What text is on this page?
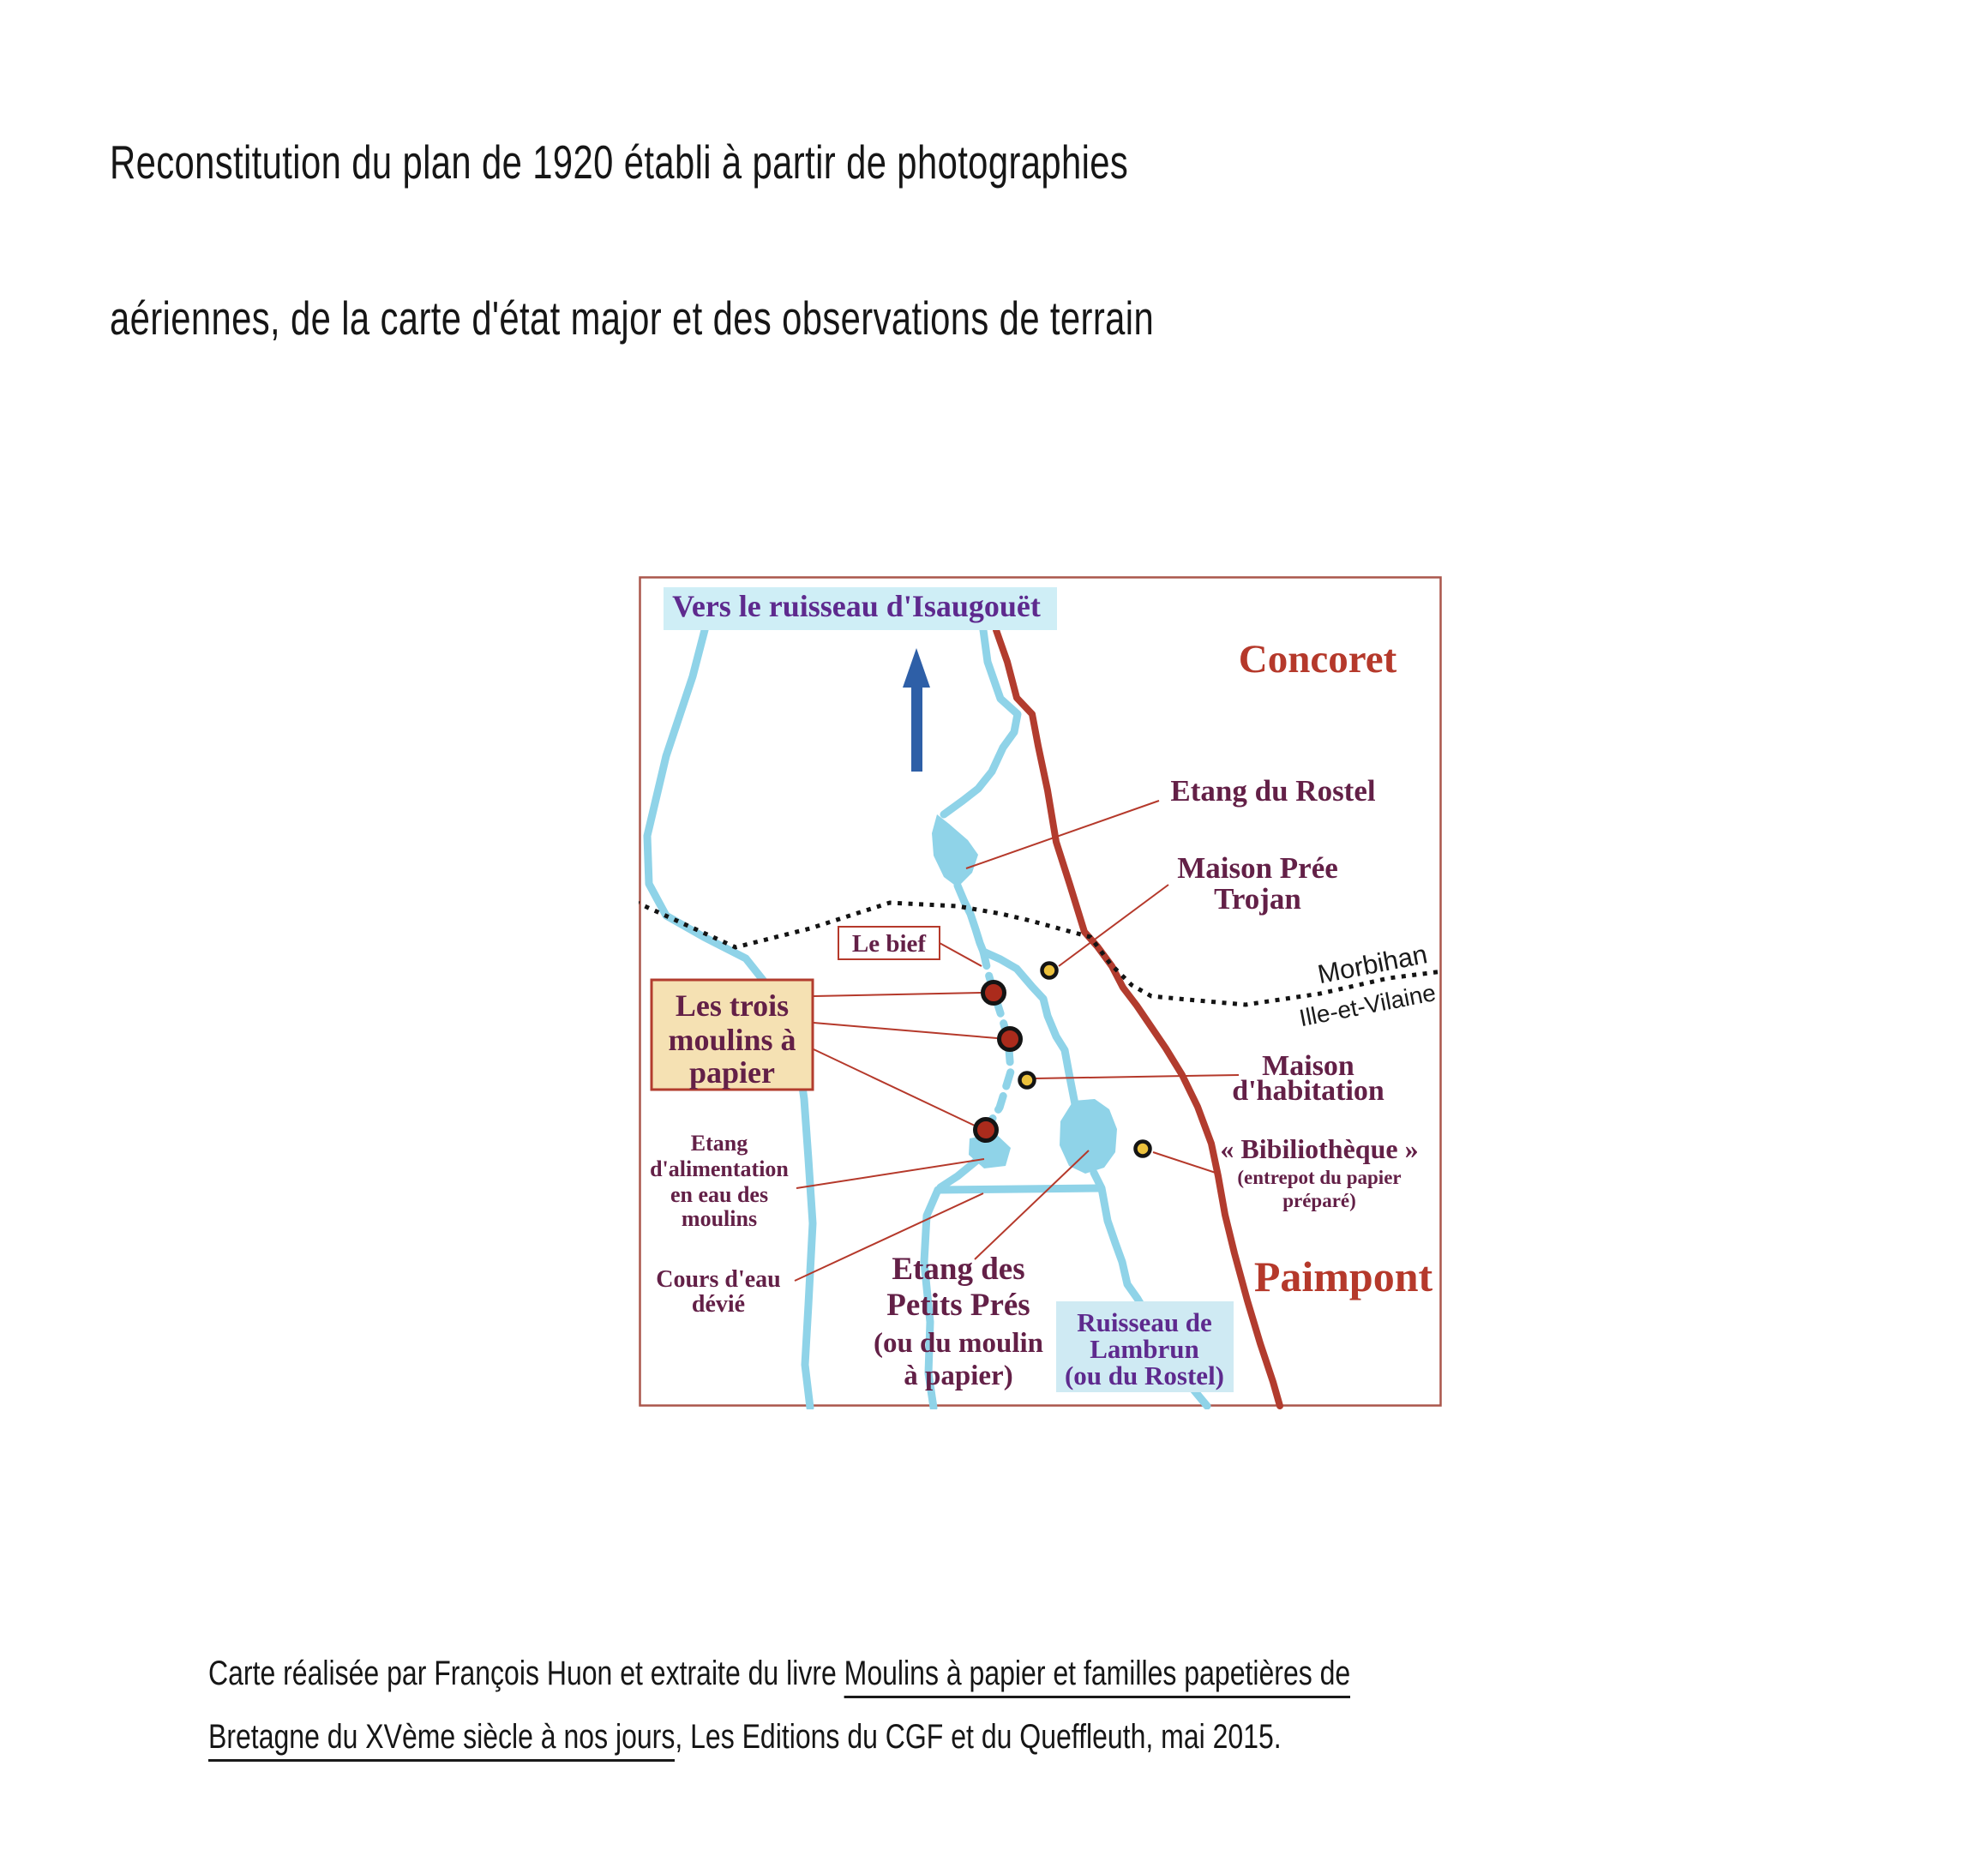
Reconstitution du plan de 1920 établi à partir de photographies
aériennes, de la carte d'état major et des observations de terrain
Vers le ruisseau d'Isaugouët
Le bief
Les trois
moulins à
papier
Ruisseau de
Lambrun
(ou du Rostel)
Concoret
Paimpont
Morbihan
Ille-et-Vilaine
Etang du Rostel
Maison Prée
Trojan
Maison
d'habitation
« Bibiliothèque »
(entrepot du papier
préparé)
Etang
d'alimentation
en eau des
moulins
Cours d'eau
dévié
Etang des
Petits Prés
(ou du moulin
à papier)
Carte réalisée par François Huon et extraite du livre Moulins à papier et familles papetières de
Bretagne du XVème siècle à nos jours, Les Editions du CGF et du Queffleuth, mai 2015.
